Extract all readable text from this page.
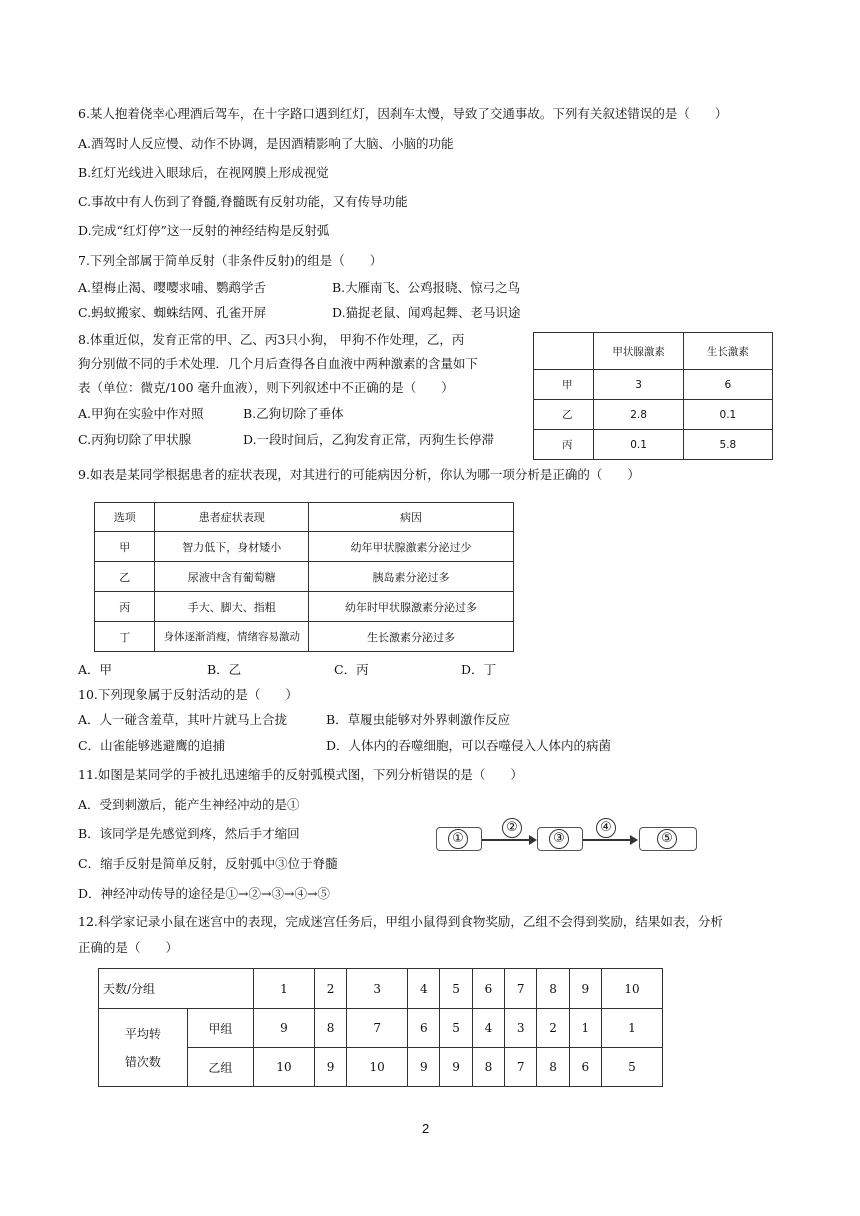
6.某人抱着侥幸心理酒后驾车，在十字路口遇到红灯，因刹车太慢，导致了交通事故。下列有关叙述错误的是（　　）
A.酒驾时人反应慢、动作不协调，是因酒精影响了大脑、小脑的功能
B.红灯光线进入眼球后，在视网膜上形成视觉
C.事故中有人伤到了脊髓,脊髓既有反射功能，又有传导功能
D.完成“红灯停”这一反射的神经结构是反射弧
7.下列全部属于简单反射（非条件反射)的组是（　　）
A.望梅止渴、嘤嘤求哺、鹦鹉学舌	B.大雁南飞、公鸡报晓、惊弓之鸟
C.蚂蚁搬家、蜘蛛结网、孔雀开屏	D.猫捉老鼠、闻鸡起舞、老马识途
8.体重近似，发育正常的甲、乙、丙3只小狗， 甲狗不作处理，乙，丙
狗分别做不同的手术处理．几个月后查得各自血液中两种激素的含量如下
表（单位：微克/100 毫升血液），则下列叙述中不正确的是（　　）
A.甲狗在实验中作对照	B.乙狗切除了垂体
C.丙狗切除了甲状腺	D.一段时间后，乙狗发育正常，丙狗生长停滞
	甲状腺激素	生长激素
甲	3	6
乙	2.8	0.1
丙	0.1	5.8
9.如表是某同学根据患者的症状表现，对其进行的可能病因分析，你认为哪一项分析是正确的（　　）
选项	患者症状表现	病因
甲	智力低下，身材矮小	幼年甲状腺激素分泌过少
乙	尿液中含有葡萄糖	胰岛素分泌过多
丙	手大、脚大、指粗	幼年时甲状腺激素分泌过多
丁	身体逐渐消瘦，情绪容易激动	生长激素分泌过多
A．甲	B．乙	C．丙	D．丁
10.下列现象属于反射活动的是（　　）
A．人一碰含羞草，其叶片就马上合拢	B．草履虫能够对外界刺激作反应
C．山雀能够逃避鹰的追捕	D．人体内的吞噬细胞，可以吞噬侵入人体内的病菌
11.如图是某同学的手被扎迅速缩手的反射弧模式图，下列分析错误的是（　　）
A．受到刺激后，能产生神经冲动的是①
B．该同学是先感觉到疼，然后手才缩回
C．缩手反射是简单反射，反射弧中③位于脊髓
D．神经冲动传导的途径是①→②→③→④→⑤
①
②
③
④
⑤
12.科学家记录小鼠在迷宫中的表现，完成迷宫任务后，甲组小鼠得到食物奖励，乙组不会得到奖励，结果如表，分析
正确的是（　　）
天数/分组		1	2	3	4	5	6	7	8	9	10

平均转
错次数	甲组	9	8	7	6	5	4	3	2	1	1
	乙组	10	9	10	9	9	8	7	8	6	5
2
